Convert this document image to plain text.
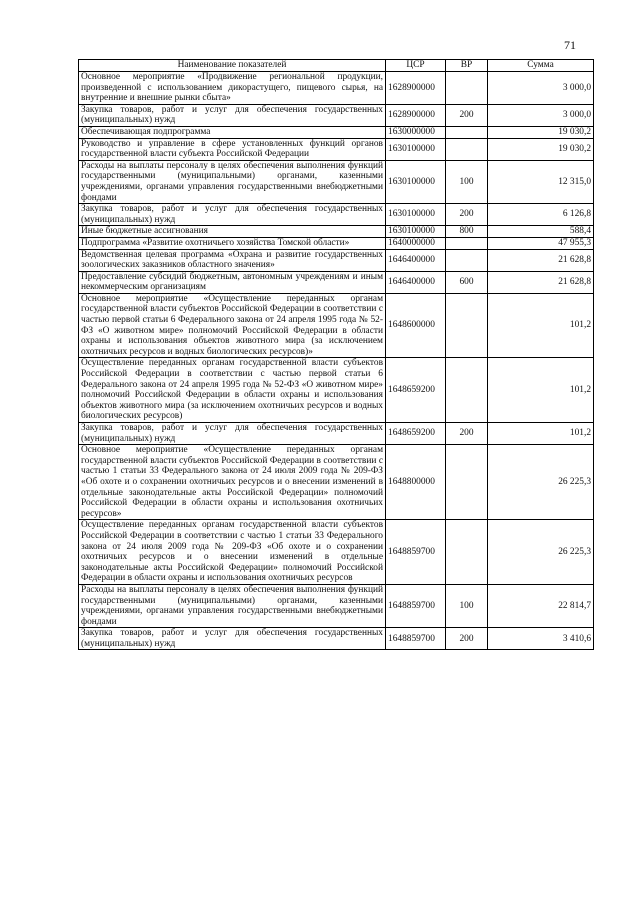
71
Наименование показателей	ЦСР	ВР	Сумма
Основное мероприятие «Продвижение региональной продукции, произведенной с использованием дикорастущего, пищевого сырья, на внутренние и внешние рынки сбыта»	1628900000		3 000,0
Закупка товаров, работ и услуг для обеспечения государственных (муниципальных) нужд	1628900000	200	3 000,0
Обеспечивающая подпрограмма	1630000000		19 030,2
Руководство и управление в сфере установленных функций органов государственной власти субъекта Российской Федерации	1630100000		19 030,2
Расходы на выплаты персоналу в целях обеспечения выполнения функций государственными (муниципальными) органами, казенными учреждениями, органами управления государственными внебюджетными фондами	1630100000	100	12 315,0
Закупка товаров, работ и услуг для обеспечения государственных (муниципальных) нужд	1630100000	200	6 126,8
Иные бюджетные ассигнования	1630100000	800	588,4
Подпрограмма «Развитие охотничьего хозяйства Томской области»	1640000000		47 955,3
Ведомственная целевая программа «Охрана и развитие государственных зоологических заказников областного значения»	1646400000		21 628,8
Предоставление субсидий бюджетным, автономным учреждениям и иным некоммерческим организациям	1646400000	600	21 628,8
Основное мероприятие «Осуществление переданных органам государственной власти субъектов Российской Федерации в соответствии с частью первой статьи 6 Федерального закона от 24 апреля 1995 года № 52-ФЗ «О животном мире» полномочий Российской Федерации в области охраны и использования объектов животного мира (за исключением охотничьих ресурсов и водных биологических ресурсов)»	1648600000		101,2
Осуществление переданных органам государственной власти субъектов Российской Федерации в соответствии с частью первой статьи 6 Федерального закона от 24 апреля 1995 года № 52-ФЗ «О животном мире» полномочий Российской Федерации в области охраны и использования объектов животного мира (за исключением охотничьих ресурсов и водных биологических ресурсов)	1648659200		101,2
Закупка товаров, работ и услуг для обеспечения государственных (муниципальных) нужд	1648659200	200	101,2
Основное мероприятие «Осуществление переданных органам государственной власти субъектов Российской Федерации в соответствии с частью 1 статьи 33 Федерального закона от 24 июля 2009 года № 209-ФЗ «Об охоте и о сохранении охотничьих ресурсов и о внесении изменений в отдельные законодательные акты Российской Федерации» полномочий Российской Федерации в области охраны и использования охотничьих ресурсов»	1648800000		26 225,3
Осуществление переданных органам государственной власти субъектов Российской Федерации в соответствии с частью 1 статьи 33 Федерального закона от 24 июля 2009 года № 209-ФЗ «Об охоте и о сохранении охотничьих ресурсов и о внесении изменений в отдельные законодательные акты Российской Федерации» полномочий Российской Федерации в области охраны и использования охотничьих ресурсов	1648859700		26 225,3
Расходы на выплаты персоналу в целях обеспечения выполнения функций государственными (муниципальными) органами, казенными учреждениями, органами управления государственными внебюджетными фондами	1648859700	100	22 814,7
Закупка товаров, работ и услуг для обеспечения государственных (муниципальных) нужд	1648859700	200	3 410,6
